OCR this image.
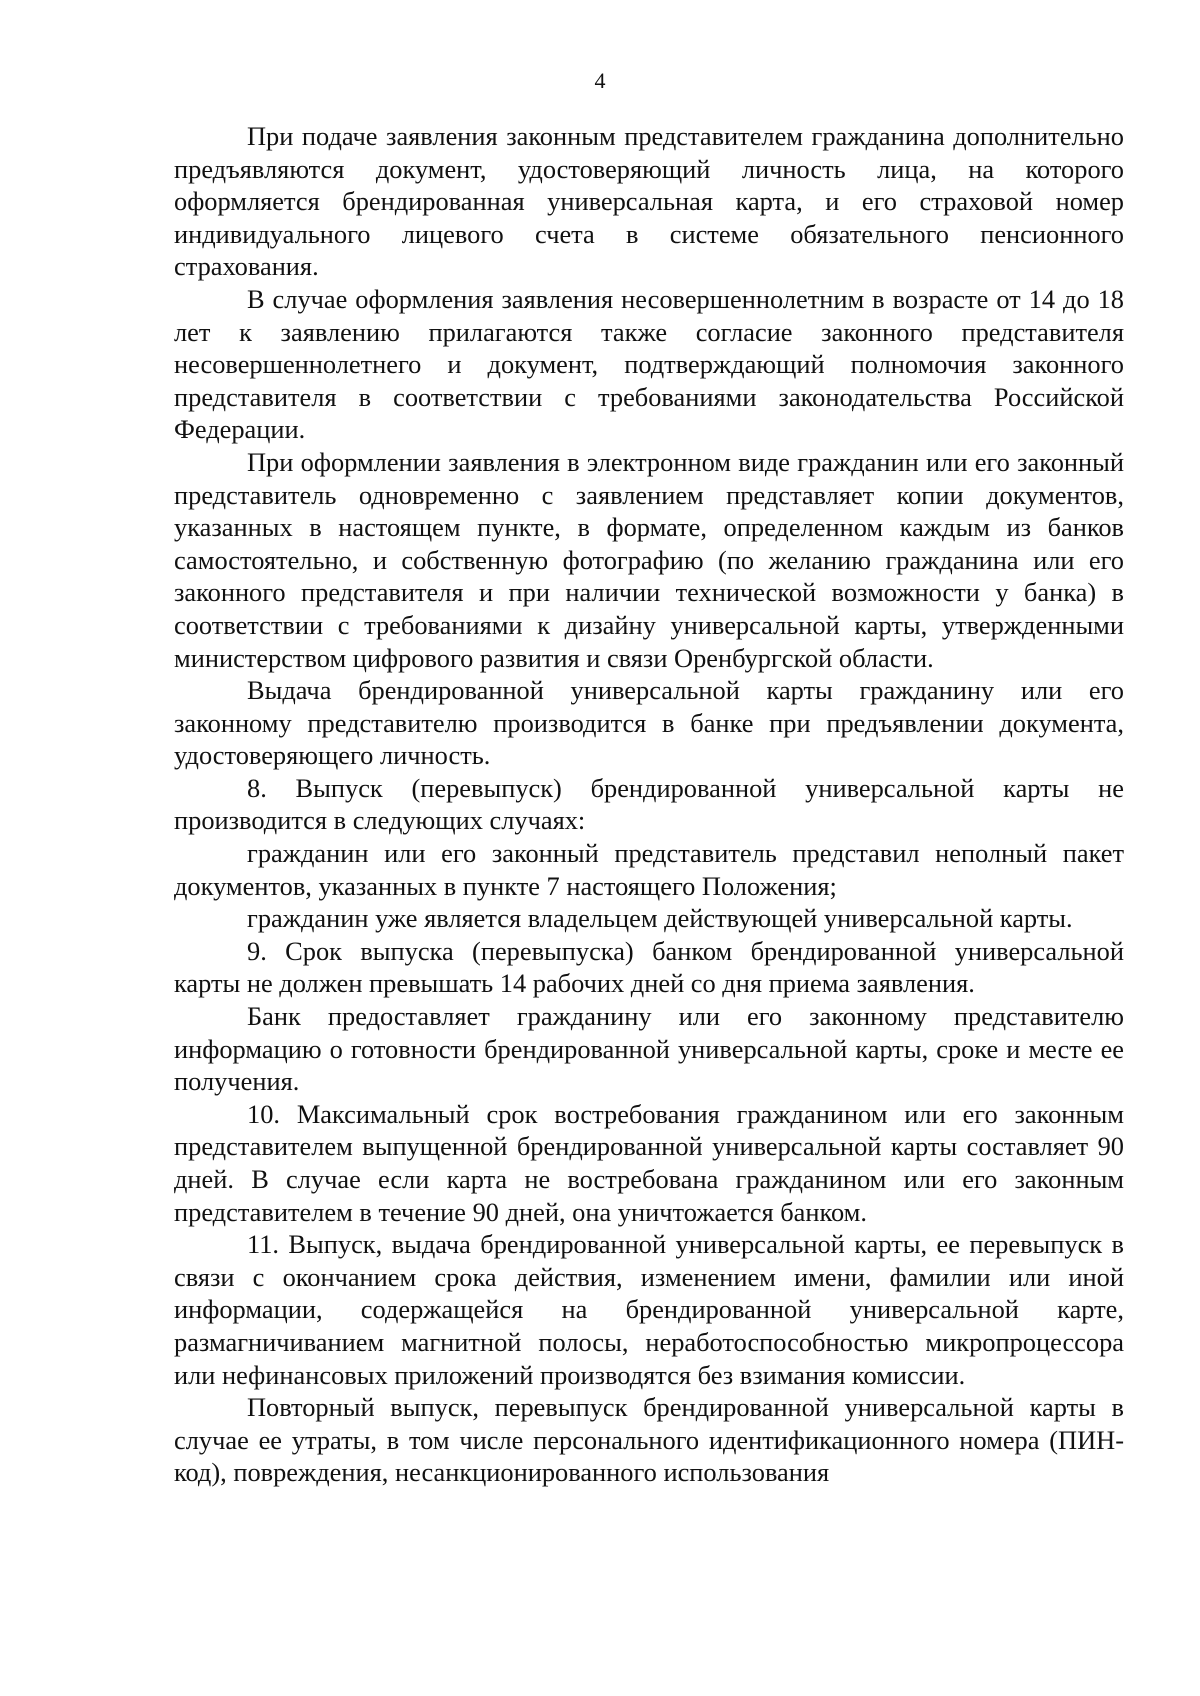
4

При подаче заявления законным представителем гражданина дополнительно предъявляются документ, удостоверяющий личность лица, на которого оформляется брендированная универсальная карта, и его страховой номер индивидуального лицевого счета в системе обязательного пенсионного страхования.

В случае оформления заявления несовершеннолетним в возрасте от 14 до 18 лет к заявлению прилагаются также согласие законного представителя несовершеннолетнего и документ, подтверждающий полномочия законного представителя в соответствии с требованиями законодательства Российской Федерации.

При оформлении заявления в электронном виде гражданин или его законный представитель одновременно с заявлением представляет копии документов, указанных в настоящем пункте, в формате, определенном каждым из банков самостоятельно, и собственную фотографию (по желанию гражданина или его законного представителя и при наличии технической возможности у банка) в соответствии с требованиями к дизайну универсальной карты, утвержденными министерством цифрового развития и связи Оренбургской области.

Выдача брендированной универсальной карты гражданину или его законному представителю производится в банке при предъявлении документа, удостоверяющего личность.

8. Выпуск (перевыпуск) брендированной универсальной карты не производится в следующих случаях:

гражданин или его законный представитель представил неполный пакет документов, указанных в пункте 7 настоящего Положения;

гражданин уже является владельцем действующей универсальной карты.

9. Срок выпуска (перевыпуска) банком брендированной универсальной карты не должен превышать 14 рабочих дней со дня приема заявления.

Банк предоставляет гражданину или его законному представителю информацию о готовности брендированной универсальной карты, сроке и месте ее получения.

10. Максимальный срок востребования гражданином или его законным представителем выпущенной брендированной универсальной карты составляет 90 дней. В случае если карта не востребована гражданином или его законным представителем в течение 90 дней, она уничтожается банком.

11. Выпуск, выдача брендированной универсальной карты, ее перевыпуск в связи с окончанием срока действия, изменением имени, фамилии или иной информации, содержащейся на брендированной универсальной карте, размагничиванием магнитной полосы, неработоспособностью микропроцессора или нефинансовых приложений производятся без взимания комиссии.

Повторный выпуск, перевыпуск брендированной универсальной карты в случае ее утраты, в том числе персонального идентификационного номера (ПИН-код), повреждения, несанкционированного использования
